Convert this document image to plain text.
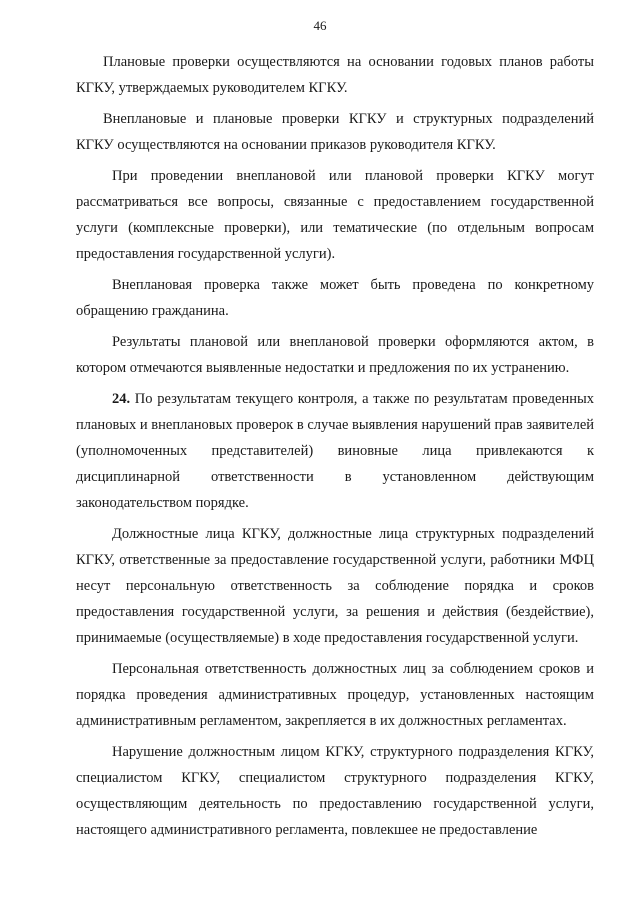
46

Плановые проверки осуществляются на основании годовых планов работы КГКУ, утверждаемых руководителем КГКУ.

Внеплановые и плановые проверки КГКУ и структурных подразделений КГКУ осуществляются на основании приказов руководителя КГКУ.

При проведении внеплановой или плановой проверки КГКУ могут рассматриваться все вопросы, связанные с предоставлением государственной услуги (комплексные проверки), или тематические (по отдельным вопросам предоставления государственной услуги).

Внеплановая проверка также может быть проведена по конкретному обращению гражданина.

Результаты плановой или внеплановой проверки оформляются актом, в котором отмечаются выявленные недостатки и предложения по их устранению.

24. По результатам текущего контроля, а также по результатам проведенных плановых и внеплановых проверок в случае выявления нарушений прав заявителей (уполномоченных представителей) виновные лица привлекаются к дисциплинарной ответственности в установленном действующим законодательством порядке.

Должностные лица КГКУ, должностные лица структурных подразделений КГКУ, ответственные за предоставление государственной услуги, работники МФЦ несут персональную ответственность за соблюдение порядка и сроков предоставления государственной услуги, за решения и действия (бездействие), принимаемые (осуществляемые) в ходе предоставления государственной услуги.

Персональная ответственность должностных лиц за соблюдением сроков и порядка проведения административных процедур, установленных настоящим административным регламентом, закрепляется в их должностных регламентах.

Нарушение должностным лицом КГКУ, структурного подразделения КГКУ, специалистом КГКУ, специалистом структурного подразделения КГКУ, осуществляющим деятельность по предоставлению государственной услуги, настоящего административного регламента, повлекшее не предоставление
